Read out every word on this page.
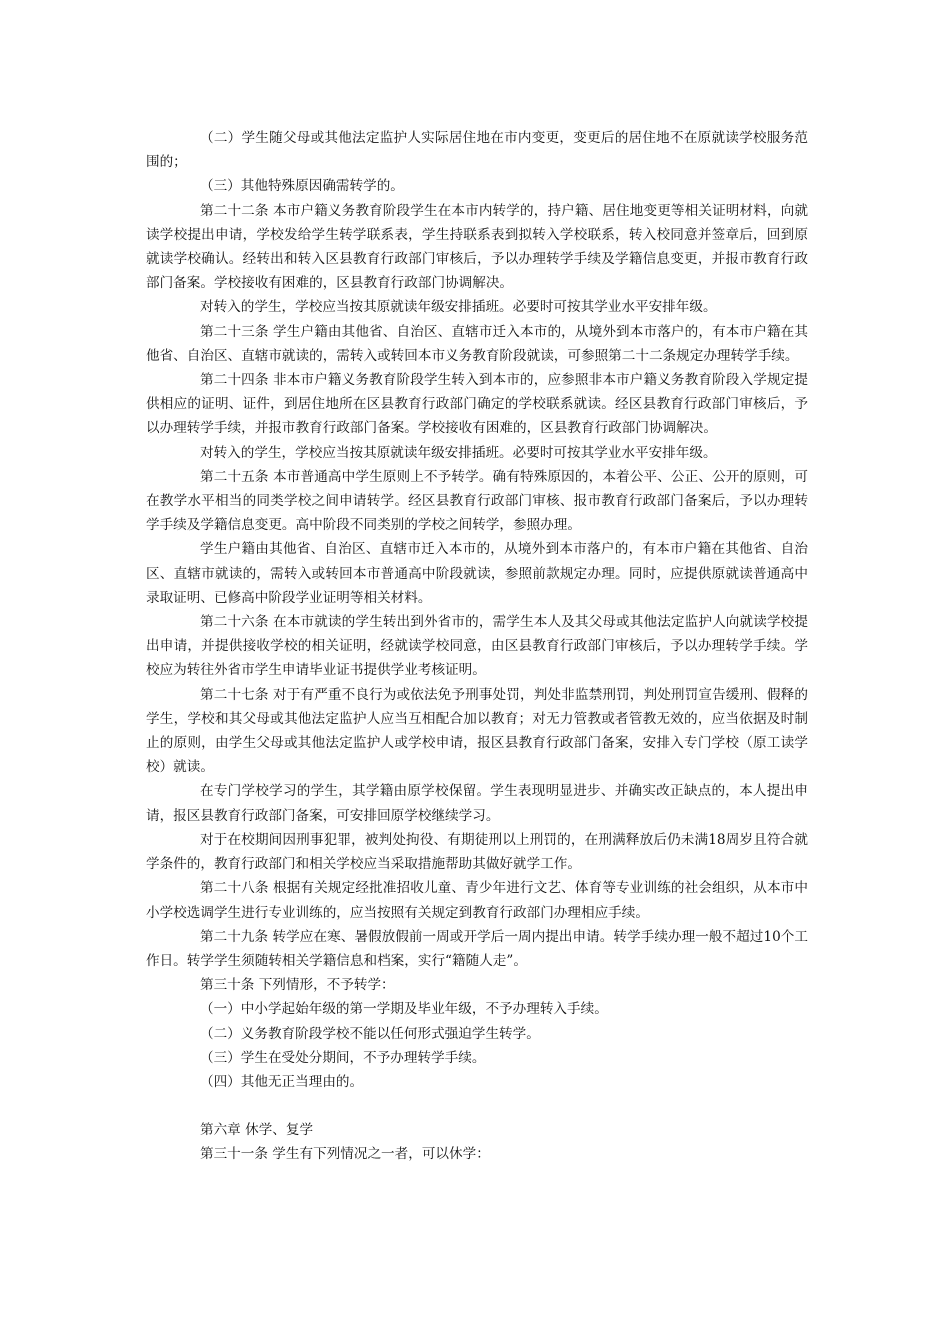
（二）学生随父母或其他法定监护人实际居住地在市内变更，变更后的居住地不在原就读学校服务范围的；

（三）其他特殊原因确需转学的。

第二十二条 本市户籍义务教育阶段学生在本市内转学的，持户籍、居住地变更等相关证明材料，向就读学校提出申请，学校发给学生转学联系表，学生持联系表到拟转入学校联系，转入校同意并签章后，回到原就读学校确认。经转出和转入区县教育行政部门审核后，予以办理转学手续及学籍信息变更，并报市教育行政部门备案。学校接收有困难的，区县教育行政部门协调解决。

对转入的学生，学校应当按其原就读年级安排插班。必要时可按其学业水平安排年级。

第二十三条 学生户籍由其他省、自治区、直辖市迁入本市的，从境外到本市落户的，有本市户籍在其他省、自治区、直辖市就读的，需转入或转回本市义务教育阶段就读，可参照第二十二条规定办理转学手续。

第二十四条 非本市户籍义务教育阶段学生转入到本市的，应参照非本市户籍义务教育阶段入学规定提供相应的证明、证件，到居住地所在区县教育行政部门确定的学校联系就读。经区县教育行政部门审核后，予以办理转学手续，并报市教育行政部门备案。学校接收有困难的，区县教育行政部门协调解决。

对转入的学生，学校应当按其原就读年级安排插班。必要时可按其学业水平安排年级。

第二十五条 本市普通高中学生原则上不予转学。确有特殊原因的，本着公平、公正、公开的原则，可在教学水平相当的同类学校之间申请转学。经区县教育行政部门审核、报市教育行政部门备案后，予以办理转学手续及学籍信息变更。高中阶段不同类别的学校之间转学，参照办理。

学生户籍由其他省、自治区、直辖市迁入本市的，从境外到本市落户的，有本市户籍在其他省、自治区、直辖市就读的，需转入或转回本市普通高中阶段就读，参照前款规定办理。同时，应提供原就读普通高中录取证明、已修高中阶段学业证明等相关材料。

第二十六条 在本市就读的学生转出到外省市的，需学生本人及其父母或其他法定监护人向就读学校提出申请，并提供接收学校的相关证明，经就读学校同意，由区县教育行政部门审核后，予以办理转学手续。学校应为转往外省市学生申请毕业证书提供学业考核证明。

第二十七条 对于有严重不良行为或依法免予刑事处罚，判处非监禁刑罚，判处刑罚宣告缓刑、假释的学生，学校和其父母或其他法定监护人应当互相配合加以教育；对无力管教或者管教无效的，应当依据及时制止的原则，由学生父母或其他法定监护人或学校申请，报区县教育行政部门备案，安排入专门学校（原工读学校）就读。

在专门学校学习的学生，其学籍由原学校保留。学生表现明显进步、并确实改正缺点的，本人提出申请，报区县教育行政部门备案，可安排回原学校继续学习。

对于在校期间因刑事犯罪，被判处拘役、有期徒刑以上刑罚的，在刑满释放后仍未满18周岁且符合就学条件的，教育行政部门和相关学校应当采取措施帮助其做好就学工作。

第二十八条 根据有关规定经批准招收儿童、青少年进行文艺、体育等专业训练的社会组织，从本市中小学校选调学生进行专业训练的，应当按照有关规定到教育行政部门办理相应手续。

第二十九条 转学应在寒、暑假放假前一周或开学后一周内提出申请。转学手续办理一般不超过10个工作日。转学学生须随转相关学籍信息和档案，实行“籍随人走”。

第三十条 下列情形，不予转学：

（一）中小学起始年级的第一学期及毕业年级，不予办理转入手续。

（二）义务教育阶段学校不能以任何形式强迫学生转学。

（三）学生在受处分期间，不予办理转学手续。

（四）其他无正当理由的。

第六章 休学、复学

第三十一条 学生有下列情况之一者，可以休学：
